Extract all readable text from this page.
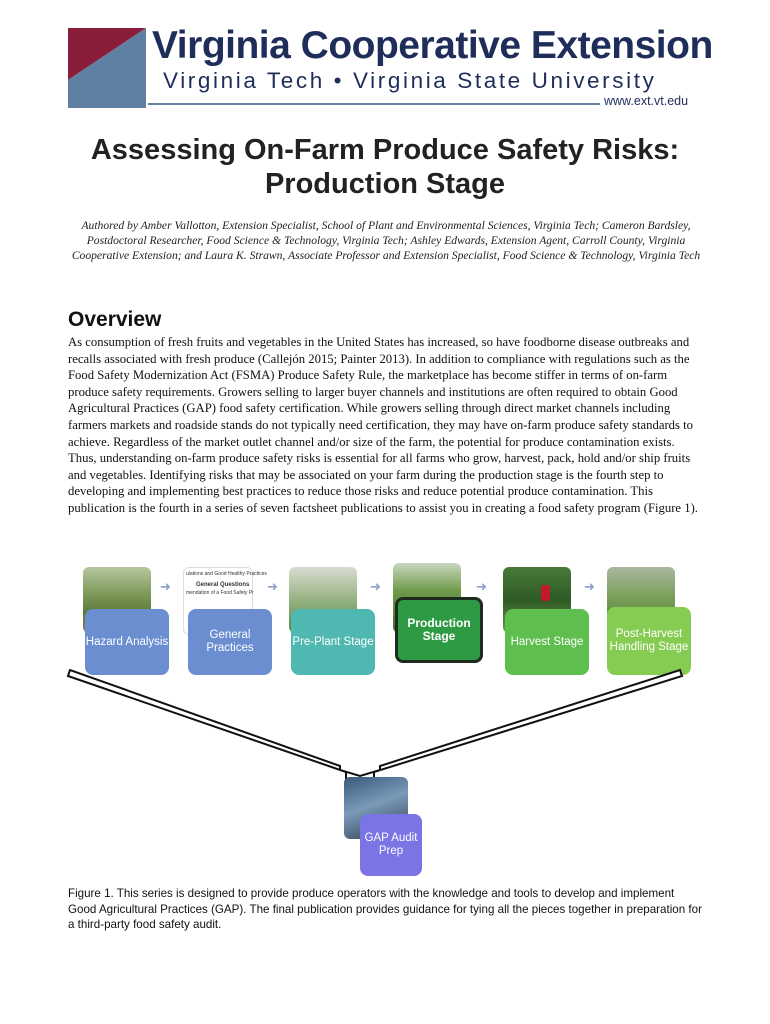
Virginia Cooperative Extension
Virginia Tech • Virginia State University
www.ext.vt.edu
Assessing On-Farm Produce Safety Risks:
Production Stage
Authored by Amber Vallotton, Extension Specialist, School of Plant and Environmental Sciences, Virginia Tech; Cameron Bardsley, Postdoctoral Researcher, Food Science & Technology, Virginia Tech; Ashley Edwards, Extension Agent, Carroll County, Virginia Cooperative Extension; and Laura K. Strawn, Associate Professor and Extension Specialist, Food Science & Technology, Virginia Tech
Overview
As consumption of fresh fruits and vegetables in the United States has increased, so have foodborne disease outbreaks and recalls associated with fresh produce (Callejón 2015; Painter 2013). In addition to compliance with regulations such as the Food Safety Modernization Act (FSMA) Produce Safety Rule, the marketplace has become stiffer in terms of on-farm produce safety requirements. Growers selling to larger buyer channels and institutions are often required to obtain Good Agricultural Practices (GAP) food safety certification. While growers selling through direct market channels including farmers markets and roadside stands do not typically need certification, they may have on-farm produce safety standards to achieve. Regardless of the market outlet channel and/or size of the farm, the potential for produce contamination exists. Thus, understanding on-farm produce safety risks is essential for all farms who grow, harvest, pack, hold and/or ship fruits and vegetables. Identifying risks that may be associated on your farm during the production stage is the fourth step to developing and implementing best practices to reduce those risks and reduce potential produce contamination. This publication is the fourth in a series of seven factsheet publications to assist you in creating a food safety program (Figure 1).
Hazard Analysis
➜
ulations and Good Healthy Practices
General Questions
mendation of a Food Safety Pr
General Practices
➜
Pre-Plant Stage
➜
Production Stage
➜
Harvest Stage
➜
Post-Harvest Handling Stage
GAP Audit Prep
Figure 1. This series is designed to provide produce operators with the knowledge and tools to develop and implement Good Agricultural Practices (GAP). The final publication provides guidance for tying all the pieces together in preparation for a third-party food safety audit.
